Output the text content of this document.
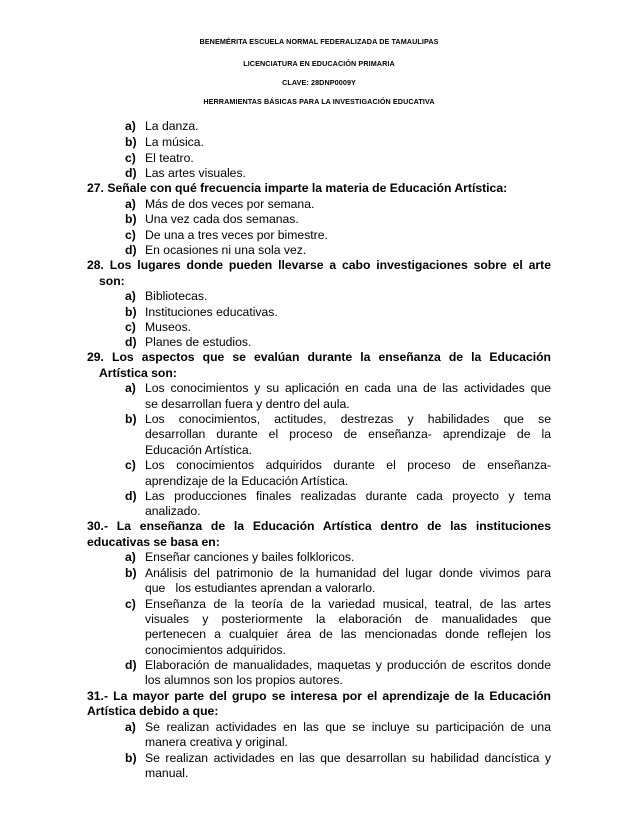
BENEMÉRITA ESCUELA NORMAL FEDERALIZADA DE TAMAULIPAS
LICENCIATURA EN EDUCACIÓN PRIMARIA
CLAVE: 28DNP0009Y
HERRAMIENTAS BÁSICAS PARA LA INVESTIGACIÓN EDUCATIVA
a) La danza.
b) La música.
c) El teatro.
d) Las artes visuales.
27. Señale con qué frecuencia imparte la materia de Educación Artística:
a) Más de dos veces por semana.
b) Una vez cada dos semanas.
c) De una a tres veces por bimestre.
d) En ocasiones ni una sola vez.
28. Los lugares donde pueden llevarse a cabo investigaciones sobre el arte
son:
a) Bibliotecas.
b) Instituciones educativas.
c) Museos.
d) Planes de estudios.
29. Los aspectos que se evalúan durante la enseñanza de la Educación
Artística son:
a) Los conocimientos y su aplicación en cada una de las actividades que
se desarrollan fuera y dentro del aula.
b) Los conocimientos, actitudes, destrezas y habilidades que se
desarrollan durante el proceso de enseñanza- aprendizaje de la
Educación Artística.
c) Los conocimientos adquiridos durante el proceso de enseñanza-
aprendizaje de la Educación Artística.
d) Las producciones finales realizadas durante cada proyecto y tema
analizado.
30.- La enseñanza de la Educación Artística dentro de las instituciones
educativas se basa en:
a) Enseñar canciones y bailes folkloricos.
b) Análisis del patrimonio de la humanidad del lugar donde vivimos para
que   los estudiantes aprendan a valorarlo.
c) Enseñanza de la teoría de la variedad musical, teatral, de las artes
visuales y posteriormente la elaboración de manualidades que
pertenecen a cualquier área de las mencionadas donde reflejen los
conocimientos adquiridos.
d) Elaboración de manualidades, maquetas y producción de escritos donde
los alumnos son los propios autores.
31.- La mayor parte del grupo se interesa por el aprendizaje de la Educación
Artística debido a que:
a) Se realizan actividades en las que se incluye su participación de una
manera creativa y original.
b) Se realizan actividades en las que desarrollan su habilidad dancística y
manual.
